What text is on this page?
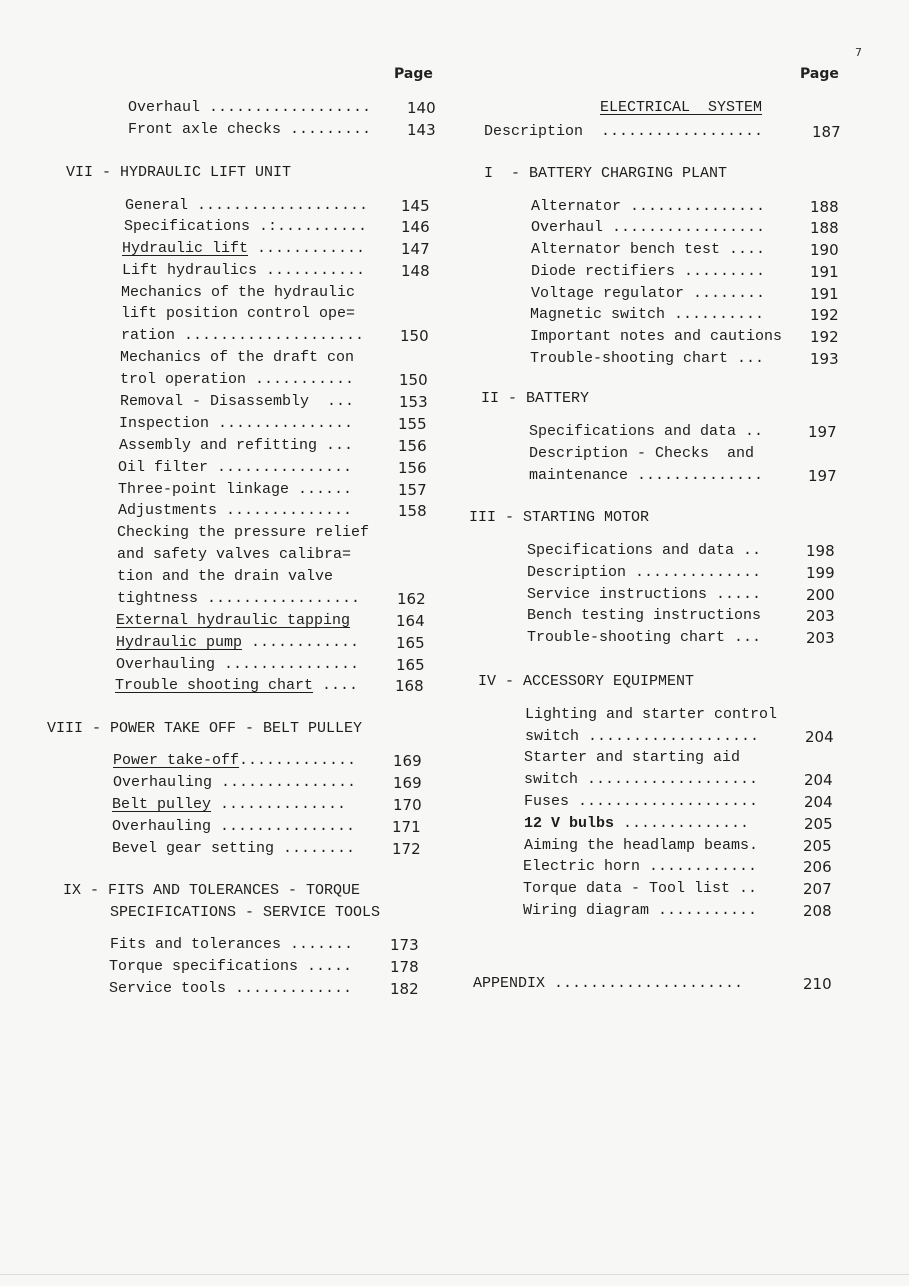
7
Page	Page
Overhaul .................. 140
Front axle checks ......... 143
VII - HYDRAULIC LIFT UNIT
General ................... 145
Specifications .:.......... 146
Hydraulic lift ............ 147
Lift hydraulics ........... 148
Mechanics of the hydraulic
lift position control ope=
ration .................... 150
Mechanics of the draft con
trol operation ...........	150
Removal - Disassembly  ...	153
Inspection ...............	155
Assembly and refitting ...	156
Oil filter ...............	156
Three-point linkage ......	157
Adjustments ..............	158
Checking the pressure relief
and safety valves calibra=
tion and the drain valve
tightness ................. 162
External hydraulic tapping	164
Hydraulic pump ............ 165
Overhauling ............... 165
Trouble shooting chart .... 168
VIII - POWER TAKE OFF - BELT PULLEY
Power take-off............. 169
Overhauling ............... 169
Belt pulley ..............	170
Overhauling ............... 171
Bevel gear setting ........ 172
IX - FITS AND TOLERANCES - TORQUE
SPECIFICATIONS - SERVICE TOOLS
Fits and tolerances ....... 173
Torque specifications .....	178
Service tools .............	182
ELECTRICAL  SYSTEM
Description  ..................	187
I  - BATTERY CHARGING PLANT
Alternator ...............	188
Overhaul .................	188
Alternator bench test ....	190
Diode rectifiers .........	191
Voltage regulator ........	191
Magnetic switch ..........	192
Important notes and cautions 192
Trouble-shooting chart ...	193
II - BATTERY
Specifications and data ..	197
Description - Checks  and
maintenance ..............	197
III - STARTING MOTOR
Specifications and data ..	198
Description ..............	199
Service instructions .....	200
Bench testing instructions	203
Trouble-shooting chart ...	203
IV - ACCESSORY EQUIPMENT
Lighting and starter control
switch ...................	204
Starter and starting aid
switch ...................	204
Fuses ....................	204
12 V bulbs ..............	205
Aiming the headlamp beams.	205
Electric horn ............	206
Torque data - Tool list ..	207
Wiring diagram ...........	208
APPENDIX .....................	210
